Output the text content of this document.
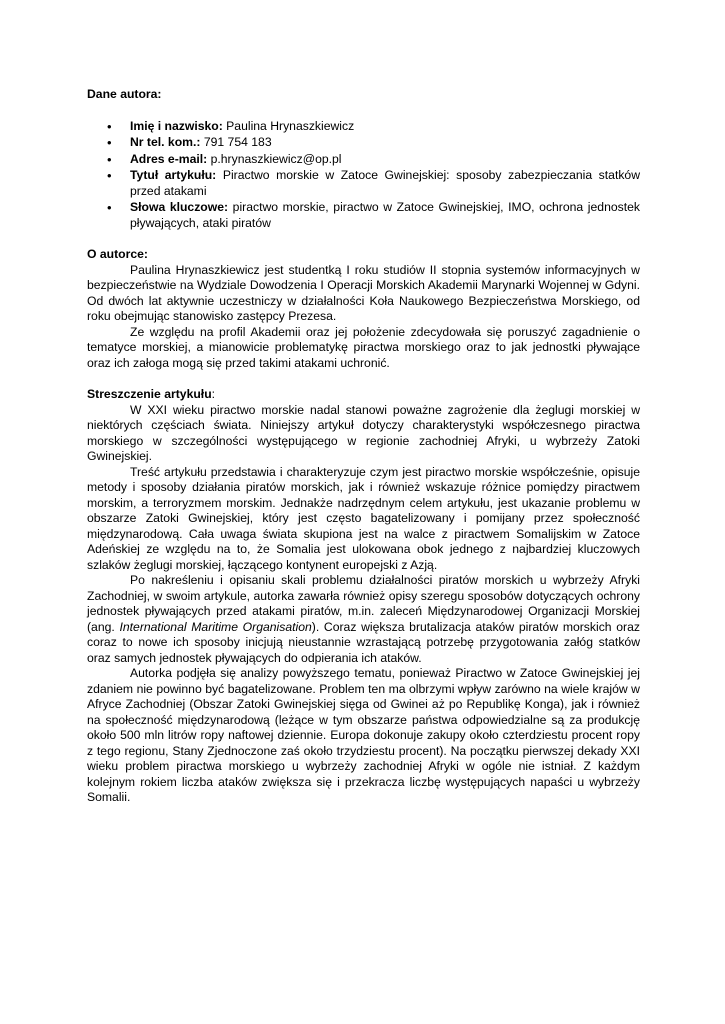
Dane autora:
• Imię i nazwisko: Paulina Hrynaszkiewicz
• Nr tel. kom.: 791 754 183
• Adres e-mail: p.hrynaszkiewicz@op.pl
• Tytuł artykułu: Piractwo morskie w Zatoce Gwinejskiej: sposoby zabezpieczania statków przed atakami
• Słowa kluczowe: piractwo morskie, piractwo w Zatoce Gwinejskiej, IMO, ochrona jednostek pływających, ataki piratów
O autorce:

Paulina Hrynaszkiewicz jest studentką I roku studiów II stopnia systemów informacyjnych w bezpieczeństwie na Wydziale Dowodzenia I Operacji Morskich Akademii Marynarki Wojennej w Gdyni. Od dwóch lat aktywnie uczestniczy w działalności Koła Naukowego Bezpieczeństwa Morskiego, od roku obejmując stanowisko zastępcy Prezesa.

Ze względu na profil Akademii oraz jej położenie zdecydowała się poruszyć zagadnienie o tematyce morskiej, a mianowicie problematykę piractwa morskiego oraz to jak jednostki pływające oraz ich załoga mogą się przed takimi atakami uchronić.

Streszczenie artykułu:

W XXI wieku piractwo morskie nadal stanowi poważne zagrożenie dla żeglugi morskiej w niektórych częściach świata. Niniejszy artykuł dotyczy charakterystyki współczesnego piractwa morskiego w szczególności występującego w regionie zachodniej Afryki, u wybrzeży Zatoki Gwinejskiej.

Treść artykułu przedstawia i charakteryzuje czym jest piractwo morskie współcześnie, opisuje metody i sposoby działania piratów morskich, jak i również wskazuje różnice pomiędzy piractwem morskim, a terroryzmem morskim. Jednakże nadrzędnym celem artykułu, jest ukazanie problemu w obszarze Zatoki Gwinejskiej, który jest często bagatelizowany i pomijany przez społeczność międzynarodową. Cała uwaga świata skupiona jest na walce z piractwem Somalijskim w Zatoce Adeńskiej ze względu na to, że Somalia jest ulokowana obok jednego z najbardziej kluczowych szlaków żeglugi morskiej, łączącego kontynent europejski z Azją.

Po nakreśleniu i opisaniu skali problemu działalności piratów morskich u wybrzeży Afryki Zachodniej, w swoim artykule, autorka zawarła również opisy szeregu sposobów dotyczących ochrony jednostek pływających przed atakami piratów, m.in. zaleceń Międzynarodowej Organizacji Morskiej (ang. International Maritime Organisation). Coraz większa brutalizacja ataków piratów morskich oraz coraz to nowe ich sposoby inicjują nieustannie wzrastającą potrzebę przygotowania załóg statków oraz samych jednostek pływających do odpierania ich ataków.

Autorka podjęła się analizy powyższego tematu, ponieważ Piractwo w Zatoce Gwinejskiej jej zdaniem nie powinno być bagatelizowane. Problem ten ma olbrzymi wpływ zarówno na wiele krajów w Afryce Zachodniej (Obszar Zatoki Gwinejskiej sięga od Gwinei aż po Republikę Konga), jak i również na społeczność międzynarodową (leżące w tym obszarze państwa odpowiedzialne są za produkcję około 500 mln litrów ropy naftowej dziennie. Europa dokonuje zakupy około czterdziestu procent ropy z tego regionu, Stany Zjednoczone zaś około trzydziestu procent). Na początku pierwszej dekady XXI wieku problem piractwa morskiego u wybrzeży zachodniej Afryki w ogóle nie istniał. Z każdym kolejnym rokiem liczba ataków zwiększa się i przekracza liczbę występujących napaści u wybrzeży Somalii.
